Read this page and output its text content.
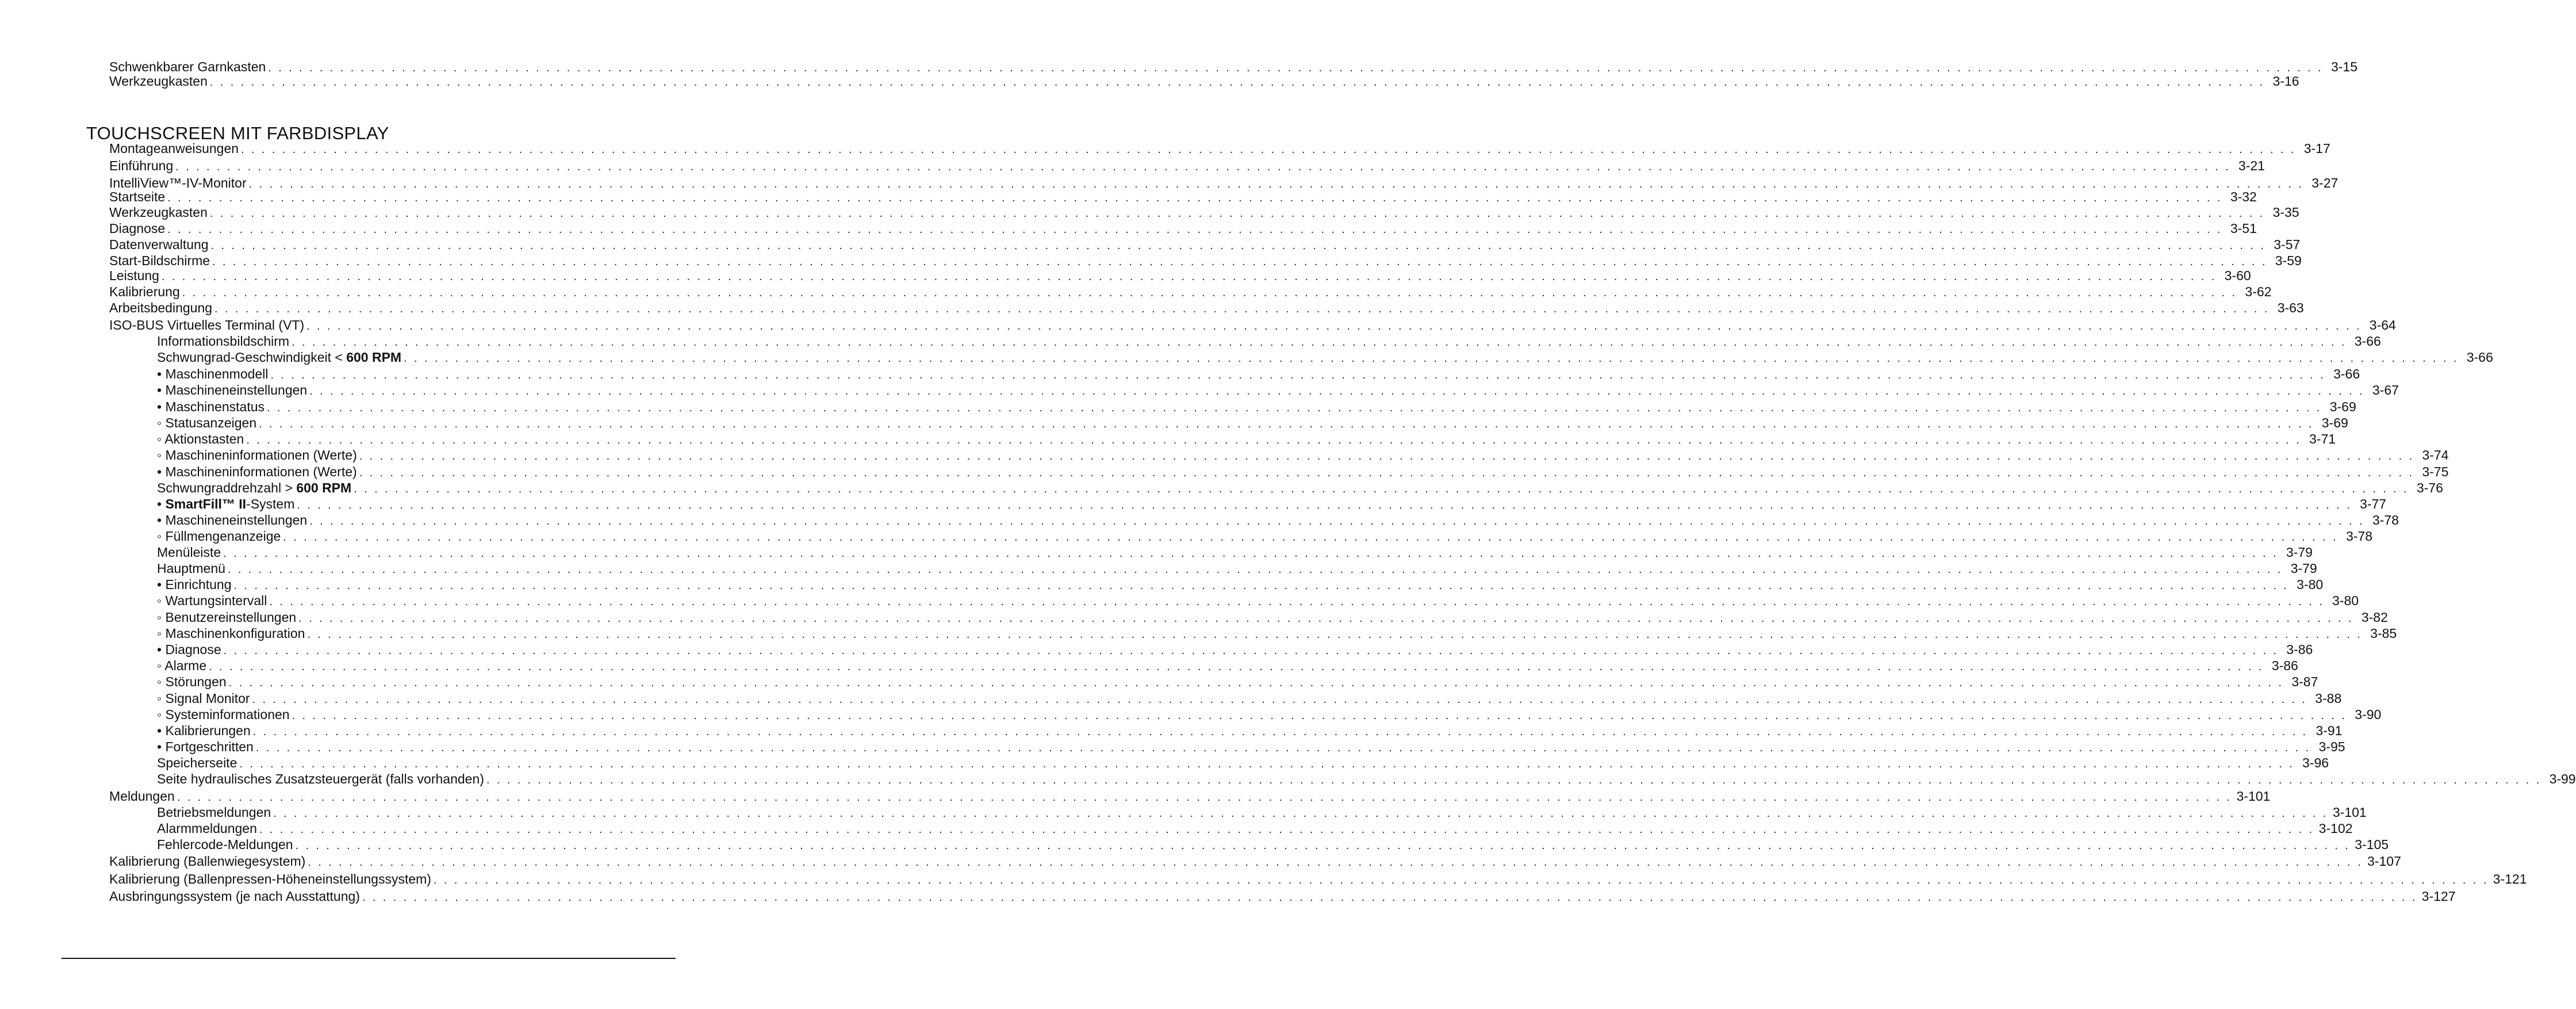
Schwenkbarer Garnkasten . . . . . . . . . . . . . . . . . . . . . . . . . . . . . . . . . . . . . . . . . . . . . . . . . . . . . . . . . . . . . . . . . . . . . . . . . . . . . . . . . . . . . . . . . . . . . . . . . . . . . . . . . . . . . . . . . . . . . . . . . . . . . . . . . . . . . . . . . . . . . . . . . . . . . . . . . . . . . . . . . . . . . . . . . . . . . . . . . . . . . . . . . . . . . . . . . . . . . . . . 3-15
Werkzeugkasten . . . . . . . . . . . . . . . . . . . . . . . . . . . . . . . . . . . . . . . . . . . . . . . . . . . . . . . . . . . . . . . . . . . . . . . . . . . . . . . . . . . . . . . . . . . . . . . . . . . . . . . . . . . . . . . . . . . . . . . . . . . . . . . . . . . . . . . . . . . . . . . . . . . . . . . . . . . . . . . . . . . . . . . . . . . . . . . . . . . . . . . . . . . . . . . . . . . . . . . . 3-16
TOUCHSCREEN MIT FARBDISPLAY
Montageanweisungen . . . . . . . . . . . . . . . . . . . . . . . . . . . . . . . . . . . . . . . . . . . . . . . . . . . . . . . . . . . . . . . . . . . . . . . . . . . . . . . . . . . . . . . . . . . . . . . . . . . . . . . . . . . . . . . . . . . . . . . . . . . . . . . . . . . . . . . . . . . . . . . . . . . . . . . . . . . . . . . . . . . . . . . . . . . . . . . . . . . . . . . . . . . . . . . . . . . . . . . . 3-17
Einführung . . . . . . . . . . . . . . . . . . . . . . . . . . . . . . . . . . . . . . . . . . . . . . . . . . . . . . . . . . . . . . . . . . . . . . . . . . . . . . . . . . . . . . . . . . . . . . . . . . . . . . . . . . . . . . . . . . . . . . . . . . . . . . . . . . . . . . . . . . . . . . . . . . . . . . . . . . . . . . . . . . . . . . . . . . . . . . . . . . . . . . . . . . . . . . . . . . . . . . . . 3-21
IntelliView™-IV-Monitor . . . . . . . . . . . . . . . . . . . . . . . . . . . . . . . . . . . . . . . . . . . . . . . . . . . . . . . . . . . . . . . . . . . . . . . . . . . . . . . . . . . . . . . . . . . . . . . . . . . . . . . . . . . . . . . . . . . . . . . . . . . . . . . . . . . . . . . . . . . . . . . . . . . . . . . . . . . . . . . . . . . . . . . . . . . . . . . . . . . . . . . . . . . . . . . . . . . . . . . . 3-27
Startseite . . . . . . . . . . . . . . . . . . . . . . . . . . . . . . . . . . . . . . . . . . . . . . . . . . . . . . . . . . . . . . . . . . . . . . . . . . . . . . . . . . . . . . . . . . . . . . . . . . . . . . . . . . . . . . . . . . . . . . . . . . . . . . . . . . . . . . . . . . . . . . . . . . . . . . . . . . . . . . . . . . . . . . . . . . . . . . . . . . . . . . . . . . . . . . . . . . . . . . . . 3-32
Werkzeugkasten . . . . . . . . . . . . . . . . . . . . . . . . . . . . . . . . . . . . . . . . . . . . . . . . . . . . . . . . . . . . . . . . . . . . . . . . . . . . . . . . . . . . . . . . . . . . . . . . . . . . . . . . . . . . . . . . . . . . . . . . . . . . . . . . . . . . . . . . . . . . . . . . . . . . . . . . . . . . . . . . . . . . . . . . . . . . . . . . . . . . . . . . . . . . . . . . . . . . . . . . 3-35
Diagnose . . . . . . . . . . . . . . . . . . . . . . . . . . . . . . . . . . . . . . . . . . . . . . . . . . . . . . . . . . . . . . . . . . . . . . . . . . . . . . . . . . . . . . . . . . . . . . . . . . . . . . . . . . . . . . . . . . . . . . . . . . . . . . . . . . . . . . . . . . . . . . . . . . . . . . . . . . . . . . . . . . . . . . . . . . . . . . . . . . . . . . . . . . . . . . . . . . . . . . . . 3-51
Datenverwaltung . . . . . . . . . . . . . . . . . . . . . . . . . . . . . . . . . . . . . . . . . . . . . . . . . . . . . . . . . . . . . . . . . . . . . . . . . . . . . . . . . . . . . . . . . . . . . . . . . . . . . . . . . . . . . . . . . . . . . . . . . . . . . . . . . . . . . . . . . . . . . . . . . . . . . . . . . . . . . . . . . . . . . . . . . . . . . . . . . . . . . . . . . . . . . . . . . . . . . . . . 3-57
Start-Bildschirme . . . . . . . . . . . . . . . . . . . . . . . . . . . . . . . . . . . . . . . . . . . . . . . . . . . . . . . . . . . . . . . . . . . . . . . . . . . . . . . . . . . . . . . . . . . . . . . . . . . . . . . . . . . . . . . . . . . . . . . . . . . . . . . . . . . . . . . . . . . . . . . . . . . . . . . . . . . . . . . . . . . . . . . . . . . . . . . . . . . . . . . . . . . . . . . . . . . . . . . . 3-59
Leistung . . . . . . . . . . . . . . . . . . . . . . . . . . . . . . . . . . . . . . . . . . . . . . . . . . . . . . . . . . . . . . . . . . . . . . . . . . . . . . . . . . . . . . . . . . . . . . . . . . . . . . . . . . . . . . . . . . . . . . . . . . . . . . . . . . . . . . . . . . . . . . . . . . . . . . . . . . . . . . . . . . . . . . . . . . . . . . . . . . . . . . . . . . . . . . . . . . . . . . . . 3-60
Kalibrierung . . . . . . . . . . . . . . . . . . . . . . . . . . . . . . . . . . . . . . . . . . . . . . . . . . . . . . . . . . . . . . . . . . . . . . . . . . . . . . . . . . . . . . . . . . . . . . . . . . . . . . . . . . . . . . . . . . . . . . . . . . . . . . . . . . . . . . . . . . . . . . . . . . . . . . . . . . . . . . . . . . . . . . . . . . . . . . . . . . . . . . . . . . . . . . . . . . . . . . . . 3-62
Arbeitsbedingung . . . . . . . . . . . . . . . . . . . . . . . . . . . . . . . . . . . . . . . . . . . . . . . . . . . . . . . . . . . . . . . . . . . . . . . . . . . . . . . . . . . . . . . . . . . . . . . . . . . . . . . . . . . . . . . . . . . . . . . . . . . . . . . . . . . . . . . . . . . . . . . . . . . . . . . . . . . . . . . . . . . . . . . . . . . . . . . . . . . . . . . . . . . . . . . . . . . . . . . . 3-63
ISO-BUS Virtuelles Terminal (VT) . . . . . . . . . . . . . . . . . . . . . . . . . . . . . . . . . . . . . . . . . . . . . . . . . . . . . . . . . . . . . . . . . . . . . . . . . . . . . . . . . . . . . . . . . . . . . . . . . . . . . . . . . . . . . . . . . . . . . . . . . . . . . . . . . . . . . . . . . . . . . . . . . . . . . . . . . . . . . . . . . . . . . . . . . . . . . . . . . . . . . . . . . . . . . . . . . . . . . . . . 3-64
Informationsbildschirm . . . . . . . . . . . . . . . . . . . . . . . . . . . . . . . . . . . . . . . . . . . . . . . . . . . . . . . . . . . . . . . . . . . . . . . . . . . . . . . . . . . . . . . . . . . . . . . . . . . . . . . . . . . . . . . . . . . . . . . . . . . . . . . . . . . . . . . . . . . . . . . . . . . . . . . . . . . . . . . . . . . . . . . . . . . . . . . . . . . . . . . . . . . . . . . . . . . . . . . . 3-66
Schwungrad-Geschwindigkeit < 600 RPM . . . . . . . . . . . . . . . . . . . . . . . . . . . . . . . . . . . . . . . . . . . . . . . . . . . . . . . . . . . . . . . . . . . . . . . . . . . . . . . . . . . . . . . . . . . . . . . . . . . . . . . . . . . . . . . . . . . . . . . . . . . . . . . . . . . . . . . . . . . . . . . . . . . . . . . . . . . . . . . . . . . . . . . . . . . . . . . . . . . . . . . . . . . . . . . . . . . . . . . . 3-66
• Maschinenmodell . . . . . . . . . . . . . . . . . . . . . . . . . . . . . . . . . . . . . . . . . . . . . . . . . . . . . . . . . . . . . . . . . . . . . . . . . . . . . . . . . . . . . . . . . . . . . . . . . . . . . . . . . . . . . . . . . . . . . . . . . . . . . . . . . . . . . . . . . . . . . . . . . . . . . . . . . . . . . . . . . . . . . . . . . . . . . . . . . . . . . . . . . . . . . . . . . . . . . . . . 3-66
• Maschineneinstellungen . . . . . . . . . . . . . . . . . . . . . . . . . . . . . . . . . . . . . . . . . . . . . . . . . . . . . . . . . . . . . . . . . . . . . . . . . . . . . . . . . . . . . . . . . . . . . . . . . . . . . . . . . . . . . . . . . . . . . . . . . . . . . . . . . . . . . . . . . . . . . . . . . . . . . . . . . . . . . . . . . . . . . . . . . . . . . . . . . . . . . . . . . . . . . . . . . . . . . . . . 3-67
• Maschinenstatus . . . . . . . . . . . . . . . . . . . . . . . . . . . . . . . . . . . . . . . . . . . . . . . . . . . . . . . . . . . . . . . . . . . . . . . . . . . . . . . . . . . . . . . . . . . . . . . . . . . . . . . . . . . . . . . . . . . . . . . . . . . . . . . . . . . . . . . . . . . . . . . . . . . . . . . . . . . . . . . . . . . . . . . . . . . . . . . . . . . . . . . . . . . . . . . . . . . . . . . . 3-69
◦ Statusanzeigen . . . . . . . . . . . . . . . . . . . . . . . . . . . . . . . . . . . . . . . . . . . . . . . . . . . . . . . . . . . . . . . . . . . . . . . . . . . . . . . . . . . . . . . . . . . . . . . . . . . . . . . . . . . . . . . . . . . . . . . . . . . . . . . . . . . . . . . . . . . . . . . . . . . . . . . . . . . . . . . . . . . . . . . . . . . . . . . . . . . . . . . . . . . . . . . . . . . . . . . . 3-69
◦ Aktionstasten . . . . . . . . . . . . . . . . . . . . . . . . . . . . . . . . . . . . . . . . . . . . . . . . . . . . . . . . . . . . . . . . . . . . . . . . . . . . . . . . . . . . . . . . . . . . . . . . . . . . . . . . . . . . . . . . . . . . . . . . . . . . . . . . . . . . . . . . . . . . . . . . . . . . . . . . . . . . . . . . . . . . . . . . . . . . . . . . . . . . . . . . . . . . . . . . . . . . . . . . 3-71
◦ Maschineninformationen (Werte) . . . . . . . . . . . . . . . . . . . . . . . . . . . . . . . . . . . . . . . . . . . . . . . . . . . . . . . . . . . . . . . . . . . . . . . . . . . . . . . . . . . . . . . . . . . . . . . . . . . . . . . . . . . . . . . . . . . . . . . . . . . . . . . . . . . . . . . . . . . . . . . . . . . . . . . . . . . . . . . . . . . . . . . . . . . . . . . . . . . . . . . . . . . . . . . . . . . . . . . . 3-74
• Maschineninformationen (Werte) . . . . . . . . . . . . . . . . . . . . . . . . . . . . . . . . . . . . . . . . . . . . . . . . . . . . . . . . . . . . . . . . . . . . . . . . . . . . . . . . . . . . . . . . . . . . . . . . . . . . . . . . . . . . . . . . . . . . . . . . . . . . . . . . . . . . . . . . . . . . . . . . . . . . . . . . . . . . . . . . . . . . . . . . . . . . . . . . . . . . . . . . . . . . . . . . . . . . . . . . 3-75
Schwungraddrehzahl > 600 RPM . . . . . . . . . . . . . . . . . . . . . . . . . . . . . . . . . . . . . . . . . . . . . . . . . . . . . . . . . . . . . . . . . . . . . . . . . . . . . . . . . . . . . . . . . . . . . . . . . . . . . . . . . . . . . . . . . . . . . . . . . . . . . . . . . . . . . . . . . . . . . . . . . . . . . . . . . . . . . . . . . . . . . . . . . . . . . . . . . . . . . . . . . . . . . . . . . . . . . . . . 3-76
• SmartFill™ II-System . . . . . . . . . . . . . . . . . . . . . . . . . . . . . . . . . . . . . . . . . . . . . . . . . . . . . . . . . . . . . . . . . . . . . . . . . . . . . . . . . . . . . . . . . . . . . . . . . . . . . . . . . . . . . . . . . . . . . . . . . . . . . . . . . . . . . . . . . . . . . . . . . . . . . . . . . . . . . . . . . . . . . . . . . . . . . . . . . . . . . . . . . . . . . . . . . . . . . . . . 3-77
• Maschineneinstellungen . . . . . . . . . . . . . . . . . . . . . . . . . . . . . . . . . . . . . . . . . . . . . . . . . . . . . . . . . . . . . . . . . . . . . . . . . . . . . . . . . . . . . . . . . . . . . . . . . . . . . . . . . . . . . . . . . . . . . . . . . . . . . . . . . . . . . . . . . . . . . . . . . . . . . . . . . . . . . . . . . . . . . . . . . . . . . . . . . . . . . . . . . . . . . . . . . . . . . . . . 3-78
◦ Füllmengenanzeige . . . . . . . . . . . . . . . . . . . . . . . . . . . . . . . . . . . . . . . . . . . . . . . . . . . . . . . . . . . . . . . . . . . . . . . . . . . . . . . . . . . . . . . . . . . . . . . . . . . . . . . . . . . . . . . . . . . . . . . . . . . . . . . . . . . . . . . . . . . . . . . . . . . . . . . . . . . . . . . . . . . . . . . . . . . . . . . . . . . . . . . . . . . . . . . . . . . . . . . . 3-78
Menüleiste . . . . . . . . . . . . . . . . . . . . . . . . . . . . . . . . . . . . . . . . . . . . . . . . . . . . . . . . . . . . . . . . . . . . . . . . . . . . . . . . . . . . . . . . . . . . . . . . . . . . . . . . . . . . . . . . . . . . . . . . . . . . . . . . . . . . . . . . . . . . . . . . . . . . . . . . . . . . . . . . . . . . . . . . . . . . . . . . . . . . . . . . . . . . . . . . . . . . . . . . 3-79
Hauptmenü . . . . . . . . . . . . . . . . . . . . . . . . . . . . . . . . . . . . . . . . . . . . . . . . . . . . . . . . . . . . . . . . . . . . . . . . . . . . . . . . . . . . . . . . . . . . . . . . . . . . . . . . . . . . . . . . . . . . . . . . . . . . . . . . . . . . . . . . . . . . . . . . . . . . . . . . . . . . . . . . . . . . . . . . . . . . . . . . . . . . . . . . . . . . . . . . . . . . . . . . 3-79
• Einrichtung . . . . . . . . . . . . . . . . . . . . . . . . . . . . . . . . . . . . . . . . . . . . . . . . . . . . . . . . . . . . . . . . . . . . . . . . . . . . . . . . . . . . . . . . . . . . . . . . . . . . . . . . . . . . . . . . . . . . . . . . . . . . . . . . . . . . . . . . . . . . . . . . . . . . . . . . . . . . . . . . . . . . . . . . . . . . . . . . . . . . . . . . . . . . . . . . . . . . . . . . 3-80
◦ Wartungsintervall . . . . . . . . . . . . . . . . . . . . . . . . . . . . . . . . . . . . . . . . . . . . . . . . . . . . . . . . . . . . . . . . . . . . . . . . . . . . . . . . . . . . . . . . . . . . . . . . . . . . . . . . . . . . . . . . . . . . . . . . . . . . . . . . . . . . . . . . . . . . . . . . . . . . . . . . . . . . . . . . . . . . . . . . . . . . . . . . . . . . . . . . . . . . . . . . . . . . . . . . 3-80
◦ Benutzereinstellungen . . . . . . . . . . . . . . . . . . . . . . . . . . . . . . . . . . . . . . . . . . . . . . . . . . . . . . . . . . . . . . . . . . . . . . . . . . . . . . . . . . . . . . . . . . . . . . . . . . . . . . . . . . . . . . . . . . . . . . . . . . . . . . . . . . . . . . . . . . . . . . . . . . . . . . . . . . . . . . . . . . . . . . . . . . . . . . . . . . . . . . . . . . . . . . . . . . . . . . . . 3-82
◦ Maschinenkonfiguration . . . . . . . . . . . . . . . . . . . . . . . . . . . . . . . . . . . . . . . . . . . . . . . . . . . . . . . . . . . . . . . . . . . . . . . . . . . . . . . . . . . . . . . . . . . . . . . . . . . . . . . . . . . . . . . . . . . . . . . . . . . . . . . . . . . . . . . . . . . . . . . . . . . . . . . . . . . . . . . . . . . . . . . . . . . . . . . . . . . . . . . . . . . . . . . . . . . . . . . . 3-85
• Diagnose . . . . . . . . . . . . . . . . . . . . . . . . . . . . . . . . . . . . . . . . . . . . . . . . . . . . . . . . . . . . . . . . . . . . . . . . . . . . . . . . . . . . . . . . . . . . . . . . . . . . . . . . . . . . . . . . . . . . . . . . . . . . . . . . . . . . . . . . . . . . . . . . . . . . . . . . . . . . . . . . . . . . . . . . . . . . . . . . . . . . . . . . . . . . . . . . . . . . . . . . 3-86
◦ Alarme . . . . . . . . . . . . . . . . . . . . . . . . . . . . . . . . . . . . . . . . . . . . . . . . . . . . . . . . . . . . . . . . . . . . . . . . . . . . . . . . . . . . . . . . . . . . . . . . . . . . . . . . . . . . . . . . . . . . . . . . . . . . . . . . . . . . . . . . . . . . . . . . . . . . . . . . . . . . . . . . . . . . . . . . . . . . . . . . . . . . . . . . . . . . . . . . . . . . . . . . 3-86
◦ Störungen . . . . . . . . . . . . . . . . . . . . . . . . . . . . . . . . . . . . . . . . . . . . . . . . . . . . . . . . . . . . . . . . . . . . . . . . . . . . . . . . . . . . . . . . . . . . . . . . . . . . . . . . . . . . . . . . . . . . . . . . . . . . . . . . . . . . . . . . . . . . . . . . . . . . . . . . . . . . . . . . . . . . . . . . . . . . . . . . . . . . . . . . . . . . . . . . . . . . . . . . 3-87
◦ Signal Monitor . . . . . . . . . . . . . . . . . . . . . . . . . . . . . . . . . . . . . . . . . . . . . . . . . . . . . . . . . . . . . . . . . . . . . . . . . . . . . . . . . . . . . . . . . . . . . . . . . . . . . . . . . . . . . . . . . . . . . . . . . . . . . . . . . . . . . . . . . . . . . . . . . . . . . . . . . . . . . . . . . . . . . . . . . . . . . . . . . . . . . . . . . . . . . . . . . . . . . . . . 3-88
◦ Systeminformationen . . . . . . . . . . . . . . . . . . . . . . . . . . . . . . . . . . . . . . . . . . . . . . . . . . . . . . . . . . . . . . . . . . . . . . . . . . . . . . . . . . . . . . . . . . . . . . . . . . . . . . . . . . . . . . . . . . . . . . . . . . . . . . . . . . . . . . . . . . . . . . . . . . . . . . . . . . . . . . . . . . . . . . . . . . . . . . . . . . . . . . . . . . . . . . . . . . . . . . . . 3-90
• Kalibrierungen . . . . . . . . . . . . . . . . . . . . . . . . . . . . . . . . . . . . . . . . . . . . . . . . . . . . . . . . . . . . . . . . . . . . . . . . . . . . . . . . . . . . . . . . . . . . . . . . . . . . . . . . . . . . . . . . . . . . . . . . . . . . . . . . . . . . . . . . . . . . . . . . . . . . . . . . . . . . . . . . . . . . . . . . . . . . . . . . . . . . . . . . . . . . . . . . . . . . . . . . 3-91
• Fortgeschritten . . . . . . . . . . . . . . . . . . . . . . . . . . . . . . . . . . . . . . . . . . . . . . . . . . . . . . . . . . . . . . . . . . . . . . . . . . . . . . . . . . . . . . . . . . . . . . . . . . . . . . . . . . . . . . . . . . . . . . . . . . . . . . . . . . . . . . . . . . . . . . . . . . . . . . . . . . . . . . . . . . . . . . . . . . . . . . . . . . . . . . . . . . . . . . . . . . . . . . . . 3-95
Speicherseite . . . . . . . . . . . . . . . . . . . . . . . . . . . . . . . . . . . . . . . . . . . . . . . . . . . . . . . . . . . . . . . . . . . . . . . . . . . . . . . . . . . . . . . . . . . . . . . . . . . . . . . . . . . . . . . . . . . . . . . . . . . . . . . . . . . . . . . . . . . . . . . . . . . . . . . . . . . . . . . . . . . . . . . . . . . . . . . . . . . . . . . . . . . . . . . . . . . . . . . . 3-96
Seite hydraulisches Zusatzsteuergerät (falls vorhanden) . . . . . . . . . . . . . . . . . . . . . . . . . . . . . . . . . . . . . . . . . . . . . . . . . . . . . . . . . . . . . . . . . . . . . . . . . . . . . . . . . . . . . . . . . . . . . . . . . . . . . . . . . . . . . . . . . . . . . . . . . . . . . . . . . . . . . . . . . . . . . . . . . . . . . . . . . . . . . . . . . . . . . . . . . . . . . . . . . . . . . . . . . . . . . . . . . . . . . . . . 3-99
Meldungen . . . . . . . . . . . . . . . . . . . . . . . . . . . . . . . . . . . . . . . . . . . . . . . . . . . . . . . . . . . . . . . . . . . . . . . . . . . . . . . . . . . . . . . . . . . . . . . . . . . . . . . . . . . . . . . . . . . . . . . . . . . . . . . . . . . . . . . . . . . . . . . . . . . . . . . . . . . . . . . . . . . . . . . . . . . . . . . . . . . . . . . . . . . . . . . . . . . . . . . . 3-101
Betriebsmeldungen . . . . . . . . . . . . . . . . . . . . . . . . . . . . . . . . . . . . . . . . . . . . . . . . . . . . . . . . . . . . . . . . . . . . . . . . . . . . . . . . . . . . . . . . . . . . . . . . . . . . . . . . . . . . . . . . . . . . . . . . . . . . . . . . . . . . . . . . . . . . . . . . . . . . . . . . . . . . . . . . . . . . . . . . . . . . . . . . . . . . . . . . . . . . . . . . . . . . . . . . 3-101
Alarmmeldungen . . . . . . . . . . . . . . . . . . . . . . . . . . . . . . . . . . . . . . . . . . . . . . . . . . . . . . . . . . . . . . . . . . . . . . . . . . . . . . . . . . . . . . . . . . . . . . . . . . . . . . . . . . . . . . . . . . . . . . . . . . . . . . . . . . . . . . . . . . . . . . . . . . . . . . . . . . . . . . . . . . . . . . . . . . . . . . . . . . . . . . . . . . . . . . . . . . . . . . . . 3-102
Fehlercode-Meldungen . . . . . . . . . . . . . . . . . . . . . . . . . . . . . . . . . . . . . . . . . . . . . . . . . . . . . . . . . . . . . . . . . . . . . . . . . . . . . . . . . . . . . . . . . . . . . . . . . . . . . . . . . . . . . . . . . . . . . . . . . . . . . . . . . . . . . . . . . . . . . . . . . . . . . . . . . . . . . . . . . . . . . . . . . . . . . . . . . . . . . . . . . . . . . . . . . . . . . . . . 3-105
Kalibrierung (Ballenwiegesystem) . . . . . . . . . . . . . . . . . . . . . . . . . . . . . . . . . . . . . . . . . . . . . . . . . . . . . . . . . . . . . . . . . . . . . . . . . . . . . . . . . . . . . . . . . . . . . . . . . . . . . . . . . . . . . . . . . . . . . . . . . . . . . . . . . . . . . . . . . . . . . . . . . . . . . . . . . . . . . . . . . . . . . . . . . . . . . . . . . . . . . . . . . . . . . . . . . . . . . . . . 3-107
Kalibrierung (Ballenpressen-Höheneinstellungssystem) . . . . . . . . . . . . . . . . . . . . . . . . . . . . . . . . . . . . . . . . . . . . . . . . . . . . . . . . . . . . . . . . . . . . . . . . . . . . . . . . . . . . . . . . . . . . . . . . . . . . . . . . . . . . . . . . . . . . . . . . . . . . . . . . . . . . . . . . . . . . . . . . . . . . . . . . . . . . . . . . . . . . . . . . . . . . . . . . . . . . . . . . . . . . . . . . . . . . . . . . 3-121
Ausbringungssystem (je nach Ausstattung) . . . . . . . . . . . . . . . . . . . . . . . . . . . . . . . . . . . . . . . . . . . . . . . . . . . . . . . . . . . . . . . . . . . . . . . . . . . . . . . . . . . . . . . . . . . . . . . . . . . . . . . . . . . . . . . . . . . . . . . . . . . . . . . . . . . . . . . . . . . . . . . . . . . . . . . . . . . . . . . . . . . . . . . . . . . . . . . . . . . . . . . . . . . . . . . . . . . . . . . . 3-127
